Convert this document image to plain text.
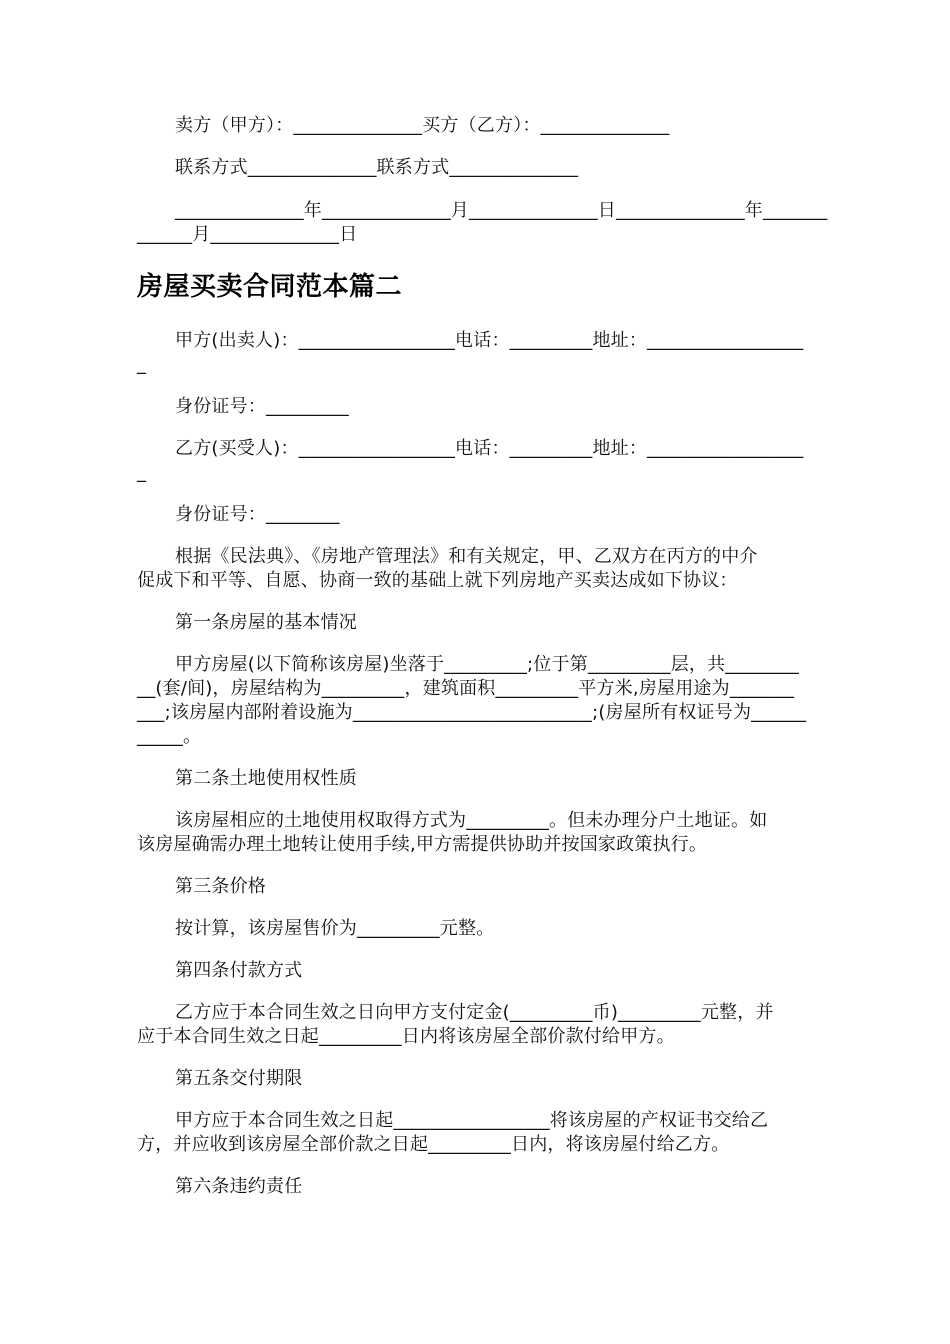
卖方（甲方）：______________买方（乙方）：______________
联系方式______________联系方式______________
______________年______________月______________日______________年_______
______月______________日
房屋买卖合同范本篇二
甲方(出卖人)：_________________电话：_________地址：_________________
_
身份证号：_________
乙方(买受人)：_________________电话：_________地址：_________________
_
身份证号：________
根据《民法典》、《房地产管理法》和有关规定，甲、乙双方在丙方的中介
促成下和平等、自愿、协商一致的基础上就下列房地产买卖达成如下协议：
第一条房屋的基本情况
甲方房屋(以下简称该房屋)坐落于_________;位于第_________层，共________
__(套/间)，房屋结构为_________，建筑面积_________平方米,房屋用途为_______
___;该房屋内部附着设施为__________________________;(房屋所有权证号为______
_____。
第二条土地使用权性质
该房屋相应的土地使用权取得方式为_________。但未办理分户土地证。如
该房屋确需办理土地转让使用手续,甲方需提供协助并按国家政策执行。
第三条价格
按计算，该房屋售价为_________元整。
第四条付款方式
乙方应于本合同生效之日向甲方支付定金(_________币)_________元整，并
应于本合同生效之日起_________日内将该房屋全部价款付给甲方。
第五条交付期限
甲方应于本合同生效之日起_________________将该房屋的产权证书交给乙
方，并应收到该房屋全部价款之日起_________日内，将该房屋付给乙方。
第六条违约责任
